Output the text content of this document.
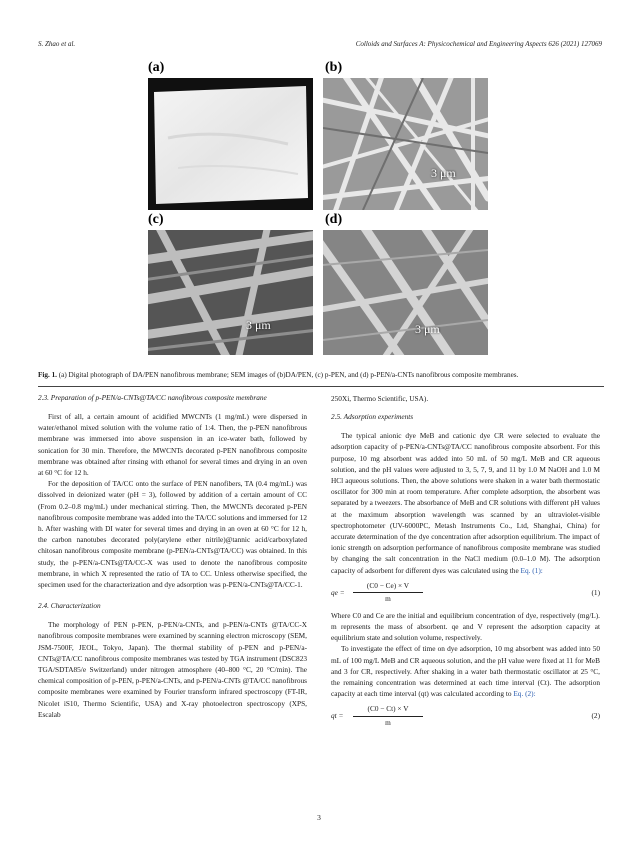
S. Zhao et al.	Colloids and Surfaces A: Physicochemical and Engineering Aspects 626 (2021) 127069
(a)
3 μm
(b)
3 μm
(c)
3 μm
(d)
Fig. 1. (a) Digital photograph of DA/PEN nanofibrous membrane; SEM images of (b)DA/PEN, (c) p-PEN, and (d) p-PEN/a-CNTs nanofibrous composite membranes.

2.3. Preparation of p-PEN/a-CNTs@TA/CC nanofibrous composite membrane

First of all, a certain amount of acidified MWCNTs (1 mg/mL) were dispersed in water/ethanol mixed solution with the volume ratio of 1:4. Then, the p-PEN nanofibrous membrane was immersed into above suspension in an ice-water bath, followed by sonication for 30 min. Therefore, the MWCNTs decorated p-PEN nanofibrous composite membrane was obtained after rinsing with ethanol for several times and drying in an oven at 60 °C for 12 h.

For the deposition of TA/CC onto the surface of PEN nanofibers, TA (0.4 mg/mL) was dissolved in deionized water (pH = 3), followed by addition of a certain amount of CC (From 0.2–0.8 mg/mL) under mechanical stirring. Then, the MWCNTs decorated p-PEN nanofibrous composite membrane was added into the TA/CC solutions and immersed for 12 h. After washing with DI water for several times and drying in an oven at 60 °C for 12 h, the carbon nanotubes decorated poly(arylene ether nitrile)@tannic acid/carboxylated chitosan nanofibrous composite membrane (p-PEN/a-CNTs@TA/CC) was obtained. In this study, the p-PEN/a-CNTs@TA/CC-X was used to denote the nanofibrous composite membrane, in which X represented the ratio of TA to CC. Unless otherwise specified, the specimen used for the characterization and dye adsorption was p-PEN/a-CNTs@TA/CC-1.

2.4. Characterization

The morphology of PEN p-PEN, p-PEN/a-CNTs, and p-PEN/a-CNTs @TA/CC-X nanofibrous composite membranes were examined by scanning electron microscopy (SEM, JSM-7500F, JEOL, Tokyo, Japan). The thermal stability of p-PEN and p-PEN/a-CNTs@TA/CC nanofibrous composite membranes was tested by TGA instrument (DSC823 TGA/SDTA85/e Switzerland) under nitrogen atmosphere (40–800 °C, 20 °C/min). The chemical composition of p-PEN, p-PEN/a-CNTs, and p-PEN/a-CNTs @TA/CC nanofibrous composite membranes were examined by Fourier transform infrared spectroscopy (FT-IR, Nicolet iS10, Thermo Scientific, USA) and X-ray photoelectron spectroscopy (XPS, Escalab

250Xi, Thermo Scientific, USA).

2.5. Adsorption experiments

The typical anionic dye MeB and cationic dye CR were selected to evaluate the adsorption capacity of p-PEN/a-CNTs@TA/CC nanofibrous composite absorbent. For this purpose, 10 mg absorbent was added into 50 mL of 50 mg/L MeB and CR aqueous solution, and the pH values were adjusted to 3, 5, 7, 9, and 11 by 1.0 M NaOH and 1.0 M HCl aqueous solutions. Then, the above solutions were shaken in a water bath thermostatic oscillator for 300 min at room temperature. After complete adsorption, the absorbent was separated by a tweezers. The absorbance of MeB and CR solutions with different pH values at the maximum absorption wavelength was scanned by an ultraviolet-visible spectrophotometer (UV-6000PC, Metash Instruments Co., Ltd, Shanghai, China) for accurate determination of the dye concentration after adsorption equilibrium. The impact of ionic strength on adsorption performance of nanofibrous composite membrane was studied by changing the salt concentration in the NaCl medium (0.0–1.0 M). The adsorption capacity of adsorbent for different dyes was calculated using the Eq. (1):

qe = $\frac{(C0 - Ce) \times V}{m}$	(1)

Where C0 and Ce are the initial and equilibrium concentration of dye, respectively (mg/L). m represents the mass of absorbent. qe and V represent the adsorption capacity at equilibrium state and solution volume, respectively.

To investigate the effect of time on dye adsorption, 10 mg absorbent was added into 50 mL of 100 mg/L MeB and CR aqueous solution, and the pH value were fixed at 11 for MeB and 3 for CR, respectively. After shaking in a water bath thermostatic oscillator at 25 °C, the remaining concentration was determined at each time interval (Ct). The adsorption capacity at each time interval (qt) was calculated according to Eq. (2):

qt = $\frac{(C0 - Ct) \times V}{m}$	(2)
3
